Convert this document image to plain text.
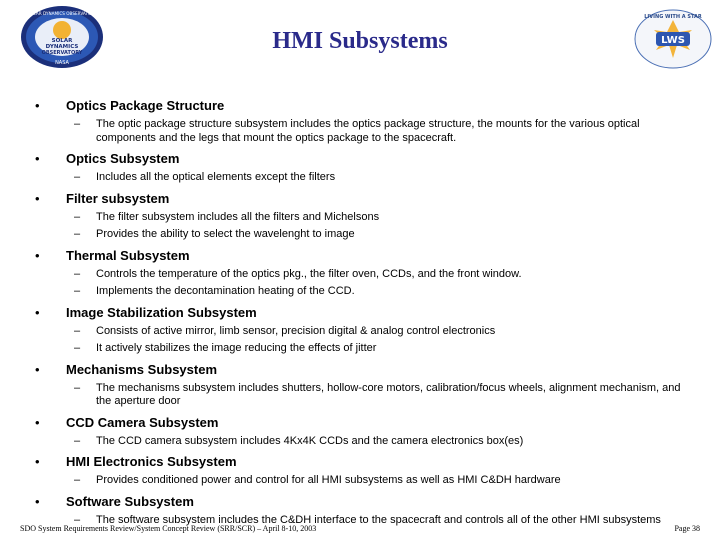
SOLAR
DYNAMICS
OBSERVATORY
SOLAR DYNAMICS OBSERVATORY
NASA
HMI Subsystems
LIVING WITH A STAR
LWS
• Optics Package Structure
– The optic package structure subsystem includes the optics package structure, the mounts for the various optical components and the legs that mount the optics package to the spacecraft.
• Optics Subsystem
– Includes all the optical elements except the filters
• Filter subsystem
– The filter subsystem includes all the filters and Michelsons
– Provides the ability to select the wavelenght to image
• Thermal Subsystem
– Controls the temperature of the optics pkg., the filter oven, CCDs, and the front window.
– Implements the decontamination heating of the CCD.
• Image Stabilization Subsystem
– Consists of active mirror, limb sensor, precision digital & analog control electronics
– It actively stabilizes the image reducing the effects of jitter
• Mechanisms Subsystem
– The mechanisms subsystem includes shutters, hollow-core motors, calibration/focus wheels, alignment mechanism, and the aperture door
• CCD Camera Subsystem
– The CCD camera subsystem includes 4Kx4K CCDs and the camera electronics box(es)
• HMI Electronics Subsystem
– Provides conditioned power and control for all HMI subsystems as well as HMI C&DH hardware
• Software Subsystem
– The software subsystem includes the C&DH interface to the spacecraft and controls all of the other HMI subsystems
SDO System Requirements Review/System Concept Review (SRR/SCR) – April 8-10, 2003	Page 38
